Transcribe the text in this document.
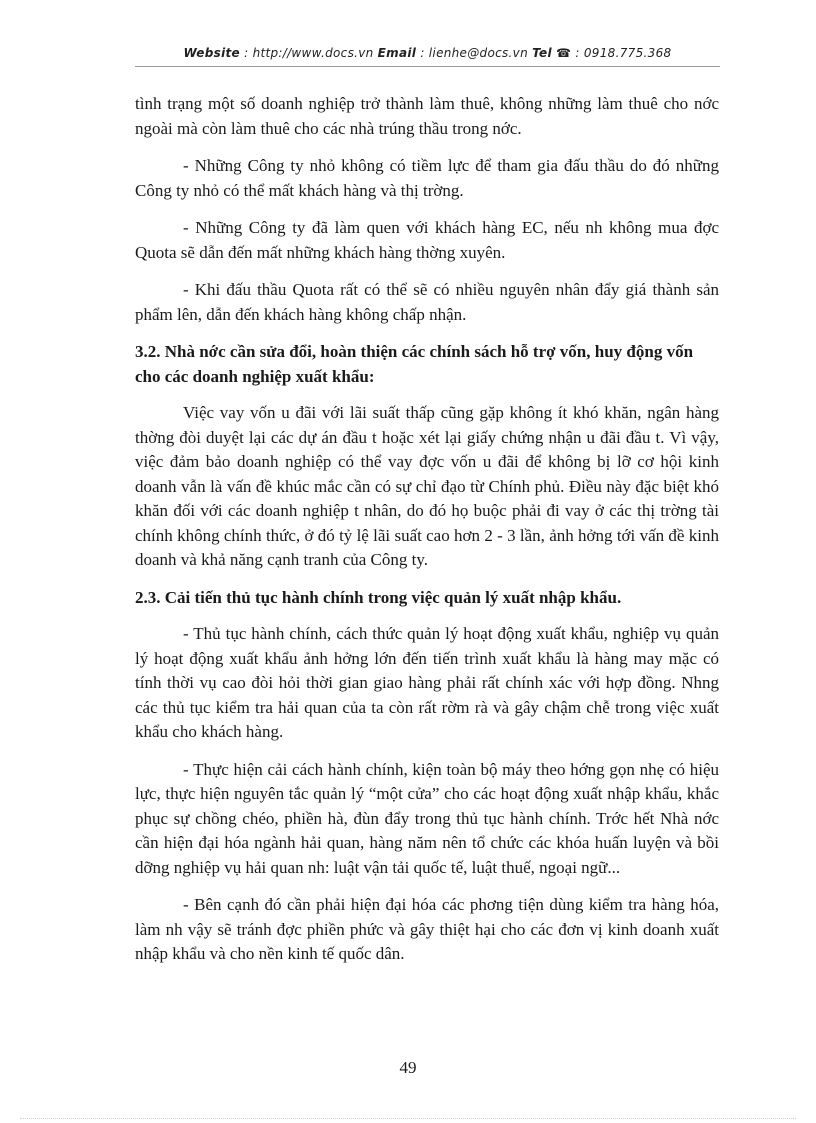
Website : http://www.docs.vn Email : lienhe@docs.vn Tel ☎ : 0918.775.368

tình trạng một số doanh nghiệp trở thành làm thuê, không những làm thuê cho nớc ngoài mà còn làm thuê cho các nhà trúng thầu trong nớc.

- Những Công ty nhỏ không có tiềm lực để tham gia đấu thầu do đó những Công ty nhỏ có thể mất khách hàng và thị trờng.

- Những Công ty đã làm quen với khách hàng EC, nếu nh không mua đợc Quota sẽ dẫn đến mất những khách hàng thờng xuyên.

- Khi đấu thầu Quota rất có thể sẽ có nhiều nguyên nhân đẩy giá thành sản phẩm lên, dẫn đến khách hàng không chấp nhận.

3.2. Nhà nớc cần sửa đổi, hoàn thiện các chính sách hỗ trợ vốn, huy động vốn cho các doanh nghiệp xuất khẩu:

Việc vay vốn u đãi với lãi suất thấp cũng gặp không ít khó khăn, ngân hàng thờng đòi duyệt lại các dự án đầu t hoặc xét lại giấy chứng nhận u đãi đầu t. Vì vậy, việc đảm bảo doanh nghiệp có thể vay đợc vốn u đãi để không bị lỡ cơ hội kinh doanh vẫn là vấn đề khúc mắc cần có sự chỉ đạo từ Chính phủ. Điều này đặc biệt khó khăn đối với các doanh nghiệp t nhân, do đó họ buộc phải đi vay ở các thị trờng tài chính không chính thức, ở đó tỷ lệ lãi suất cao hơn 2 - 3 lần, ảnh hởng tới vấn đề kinh doanh và khả năng cạnh tranh của Công ty.

2.3. Cải tiến thủ tục hành chính trong việc quản lý xuất nhập khẩu.

- Thủ tục hành chính, cách thức quản lý hoạt động xuất khẩu, nghiệp vụ quản lý hoạt động xuất khẩu ảnh hởng lớn đến tiến trình xuất khẩu là hàng may mặc có tính thời vụ cao đòi hỏi thời gian giao hàng phải rất chính xác với hợp đồng. Nhng các thủ tục kiểm tra hải quan của ta còn rất rờm rà và gây chậm chễ trong việc xuất khẩu cho khách hàng.

- Thực hiện cải cách hành chính, kiện toàn bộ máy theo hớng gọn nhẹ có hiệu lực, thực hiện nguyên tắc quản lý “một cửa” cho các hoạt động xuất nhập khẩu, khắc phục sự chồng chéo, phiền hà, đùn đẩy trong thủ tục hành chính. Trớc hết Nhà nớc cần hiện đại hóa ngành hải quan, hàng năm nên tổ chức các khóa huấn luyện và bồi dỡng nghiệp vụ hải quan nh: luật vận tải quốc tế, luật thuế, ngoại ngữ...

- Bên cạnh đó cần phải hiện đại hóa các phơng tiện dùng kiểm tra hàng hóa, làm nh vậy sẽ tránh đợc phiền phức và gây thiệt hại cho các đơn vị kinh doanh xuất nhập khẩu và cho nền kinh tế quốc dân.

49
